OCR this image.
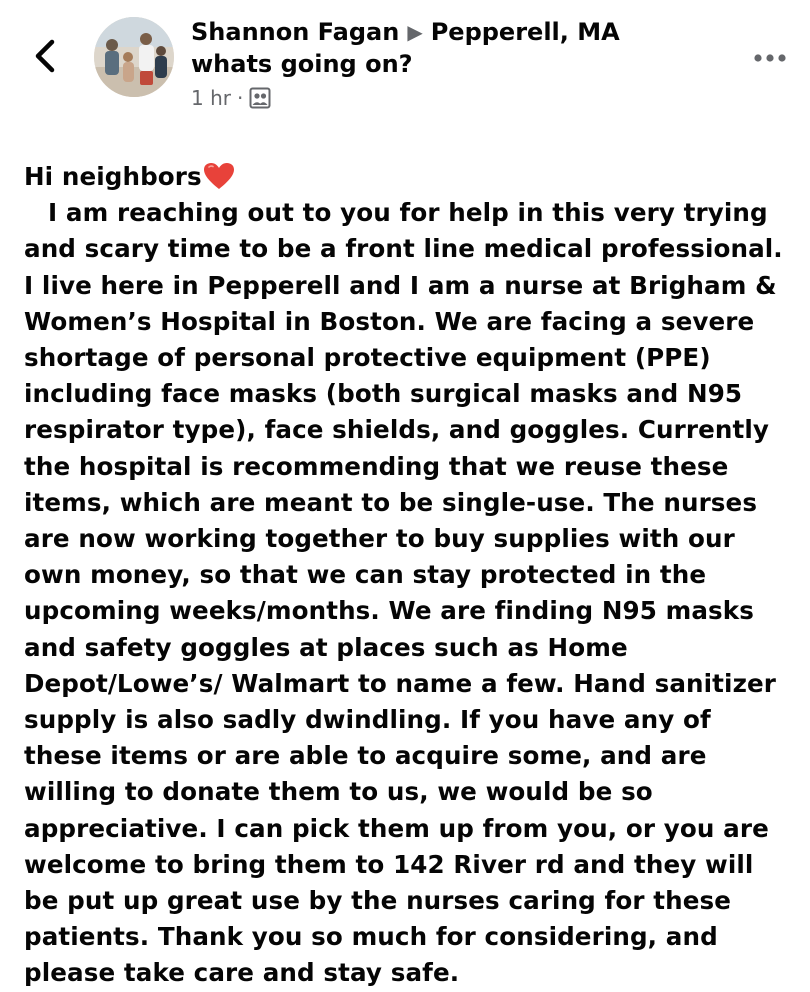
Shannon Fagan ▶ Pepperell, MA
whats going on?
1 hr ·

Hi neighbors

I am reaching out to you for help in this very trying and scary time to be a front line medical professional. I live here in Pepperell and I am a nurse at Brigham & Women’s Hospital in Boston. We are facing a severe shortage of personal protective equipment (PPE) including face masks (both surgical masks and N95 respirator type), face shields, and goggles. Currently the hospital is recommending that we reuse these items, which are meant to be single-use. The nurses are now working together to buy supplies with our own money, so that we can stay protected in the upcoming weeks/months. We are finding N95 masks and safety goggles at places such as Home Depot/Lowe’s/ Walmart to name a few. Hand sanitizer supply is also sadly dwindling. If you have any of these items or are able to acquire some, and are willing to donate them to us, we would be so appreciative. I can pick them up from you, or you are welcome to bring them to 142 River rd and they will be put up great use by the nurses caring for these patients. Thank you so much for considering, and please take care and stay safe.
